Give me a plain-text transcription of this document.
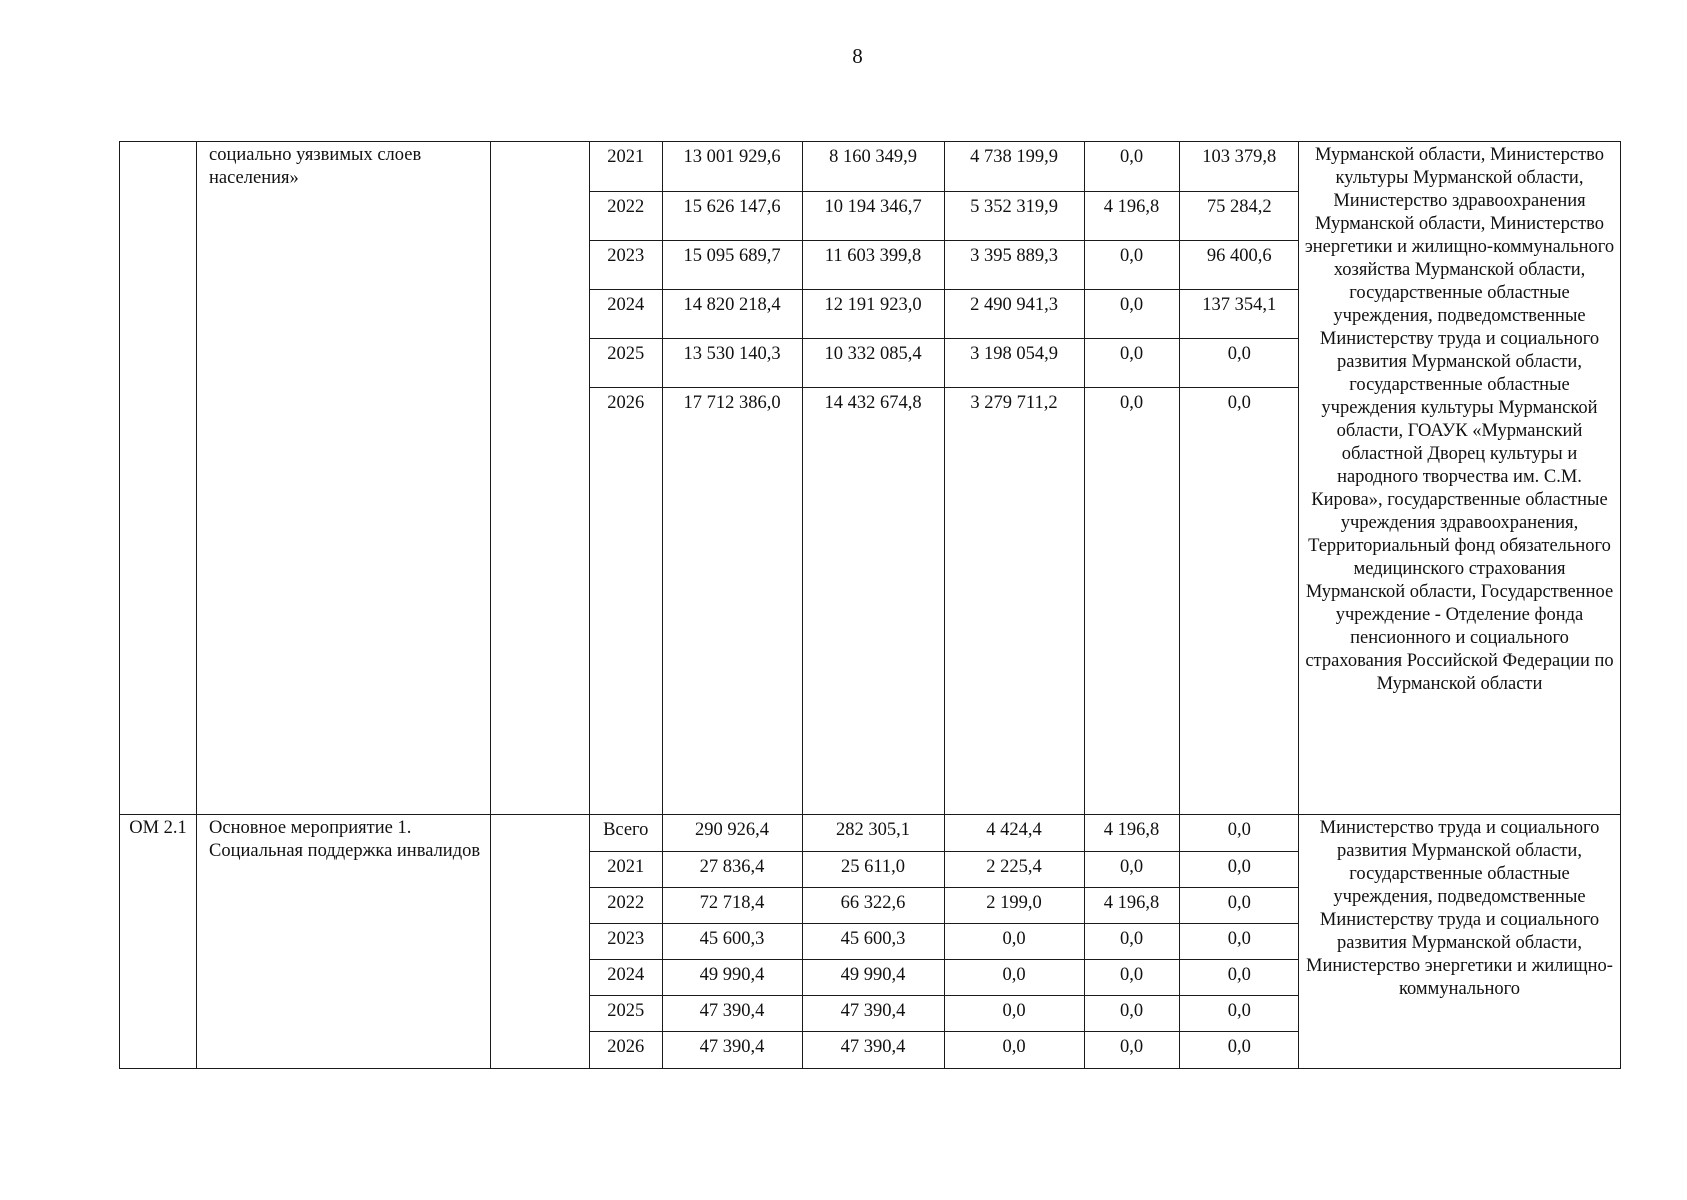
8
	социально уязвимых слоев населения»		
2021	13 001 929,6	8 160 349,9	4 738 199,9	0,0	103 379,8
2022	15 626 147,6	10 194 346,7	5 352 319,9	4 196,8	75 284,2
2023	15 095 689,7	11 603 399,8	3 395 889,3	0,0	96 400,6
2024	14 820 218,4	12 191 923,0	2 490 941,3	0,0	137 354,1
2025	13 530 140,3	10 332 085,4	3 198 054,9	0,0	0,0
2026	17 712 386,0	14 432 674,8	3 279 711,2	0,0	0,0
	Мурманской области, Министерство культуры Мурманской области, Министерство здравоохранения Мурманской области, Министерство энергетики и жилищно-коммунального хозяйства Мурманской области, государственные областные учреждения, подведомственные Министерству труда и социального развития Мурманской области, государственные областные учреждения культуры Мурманской области, ГОАУК «Мурманский областной Дворец культуры и народного творчества им. С.М. Кирова», государственные областные учреждения здравоохранения, Территориальный фонд обязательного медицинского страхования Мурманской области, Государственное учреждение - Отделение фонда пенсионного и социального страхования Российской Федерации по Мурманской области
ОМ 2.1	Основное мероприятие 1. Социальная поддержка инвалидов		
Всего	290 926,4	282 305,1	4 424,4	4 196,8	0,0
2021	27 836,4	25 611,0	2 225,4	0,0	0,0
2022	72 718,4	66 322,6	2 199,0	4 196,8	0,0
2023	45 600,3	45 600,3	0,0	0,0	0,0
2024	49 990,4	49 990,4	0,0	0,0	0,0
2025	47 390,4	47 390,4	0,0	0,0	0,0
2026	47 390,4	47 390,4	0,0	0,0	0,0
	Министерство труда и социального развития Мурманской области, государственные областные учреждения, подведомственные Министерству труда и социального развития Мурманской области, Министерство энергетики и жилищно-коммунального
